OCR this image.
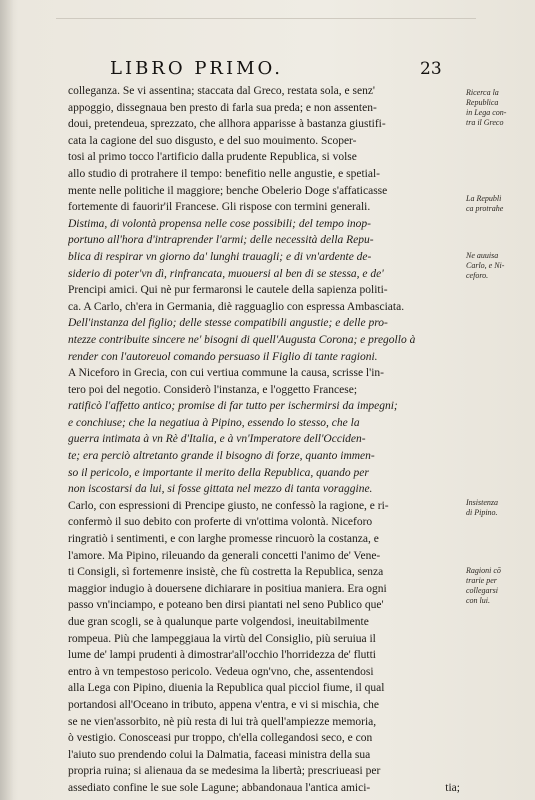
LIBRO PRIMO.	23
colleganza. Se vi assentina; staccata dal Greco, restata sola, e senz'
appoggio, dissegnaua ben presto di farla sua preda; e non assenten-
doui, pretendeua, sprezzato, che allhora apparisse à bastanza giustifi-
cata la cagione del suo disgusto, e del suo mouimento. Scoper-
tosi al primo tocco l'artificio dalla prudente Republica, si volse
allo studio di protrahere il tempo: benefitio nelle angustie, e spetial-
mente nelle politiche il maggiore; benche Obelerio Doge s'affaticasse
fortemente di fauorir'il Francese. Gli rispose con termini generali.
Distima, di volontà propensa nelle cose possibili; del tempo inop-
portuno all'hora d'intraprender l'armi; delle necessità della Repu-
blica di respirar vn giorno da' lunghi trauagli; e di vn'ardente de-
siderio di poter'vn dì, rinfrancata, muouersi al ben di se stessa, e de'
Prencipi amici. Qui nè pur fermaronsi le cautele della sapienza politi-
ca. A Carlo, ch'era in Germania, diè ragguaglio con espressa Ambasciata.
Dell'instanza del figlio; delle stesse compatibili angustie; e delle pro-
ntezze contribuite sincere ne' bisogni di quell'Augusta Corona; e pregollo à
render con l'autoreuol comando persuaso il Figlio di tante ragioni.
A Niceforo in Grecia, con cui vertiua commune la causa, scrisse l'in-
tero poi del negotio. Considerò l'instanza, e l'oggetto Francese;
ratificò l'affetto antico; promise di far tutto per ischermirsi da impegni;
e conchiuse; che la negatiua à Pipino, essendo lo stesso, che la
guerra intimata à vn Rè d'Italia, e à vn'Imperatore dell'Occiden-
te; era perciò altretanto grande il bisogno di forze, quanto immen-
so il pericolo, e importante il merito della Republica, quando per
non iscostarsi da lui, si fosse gittata nel mezzo di tanta voraggine.
Carlo, con espressioni di Prencipe giusto, ne confessò la ragione, e ri-
confermò il suo debito con proferte di vn'ottima volontà. Niceforo
ringratiò i sentimenti, e con larghe promesse rincuorò la costanza, e
l'amore. Ma Pipino, rileuando da generali concetti l'animo de' Vene-
ti Consigli, sì fortemenre insistè, che fù costretta la Republica, senza
maggior indugio à douersene dichiarare in positiua maniera. Era ogni
passo vn'inciampo, e poteano ben dirsi piantati nel seno Publico que'
due gran scogli, se à qualunque parte volgendosi, ineuitabilmente
rompeua. Più che lampeggiaua la virtù del Consiglio, più seruiua il
lume de' lampi prudenti à dimostrar'all'occhio l'horridezza de' flutti
entro à vn tempestoso pericolo. Vedeua ogn'vno, che, assentendosi
alla Lega con Pipino, diuenia la Republica qual picciol fiume, il qual
portandosi all'Oceano in tributo, appena v'entra, e vi si mischia, che
se ne vien'assorbito, nè più resta di lui trà quell'ampiezze memoria,
ò vestigio. Conosceasi pur troppo, ch'ella collegandosi seco, e con
l'aiuto suo prendendo colui la Dalmatia, faceasi ministra della sua
propria ruina; si alienaua da se medesima la libertà; prescriueasi per
assediato confine le sue sole Lagune; abbandonaua l'antica amici-	tia;
Ricerca la
Republica
in Lega con-
tra il Greco
La Republi
ca protrahe
Ne auuisa
Carlo, e Ni-
ceforo.
Insistenza
di Pipino.
Ragioni cō
trarie per
collegarsi
con lui.
